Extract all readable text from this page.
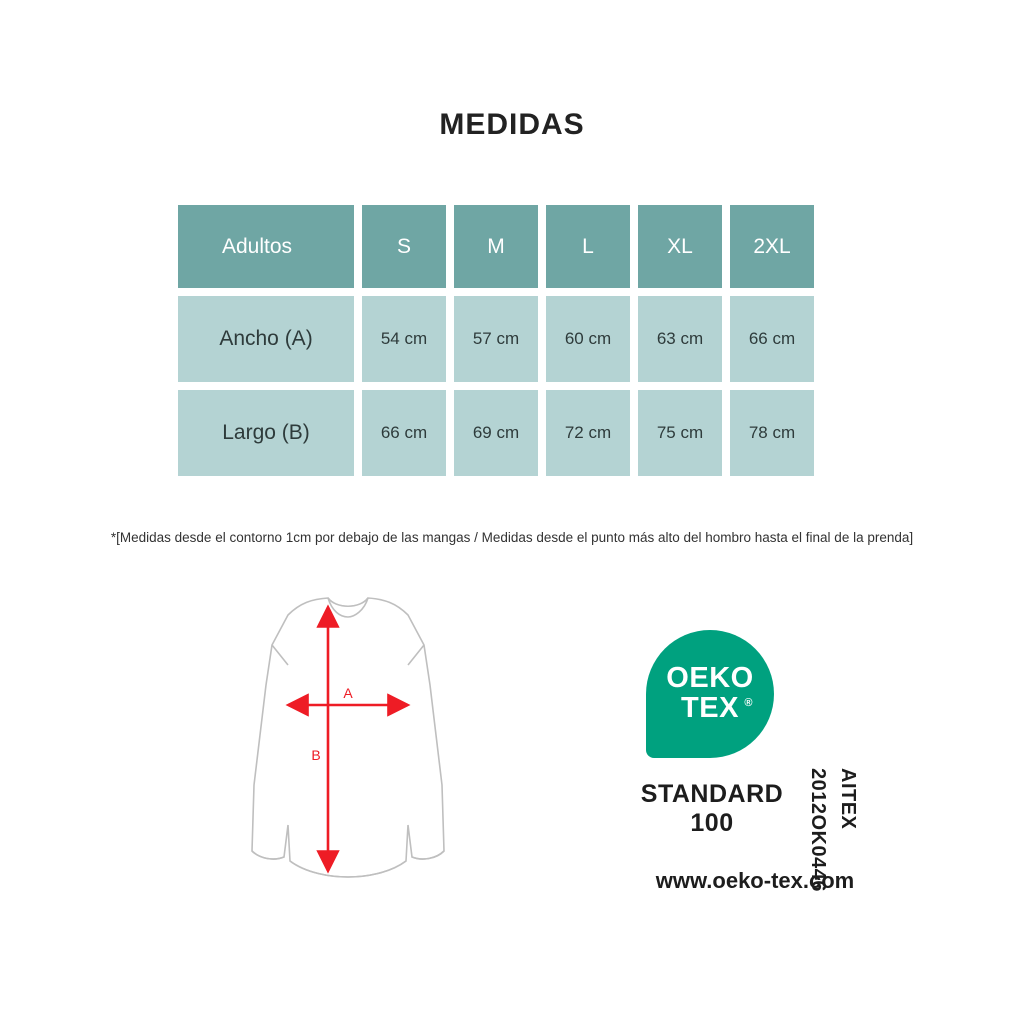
MEDIDAS
Adultos	S	M	L	XL	2XL
Ancho (A)	54 cm	57 cm	60 cm	63 cm	66 cm
Largo (B)	66 cm	69 cm	72 cm	75 cm	78 cm
*[Medidas desde el contorno 1cm por debajo de las mangas / Medidas desde el punto más alto del hombro hasta el final de la prenda]
A
B
OEKO
TEX ®
STANDARD
100	2012OK0446 AITEX
www.oeko-tex.com
